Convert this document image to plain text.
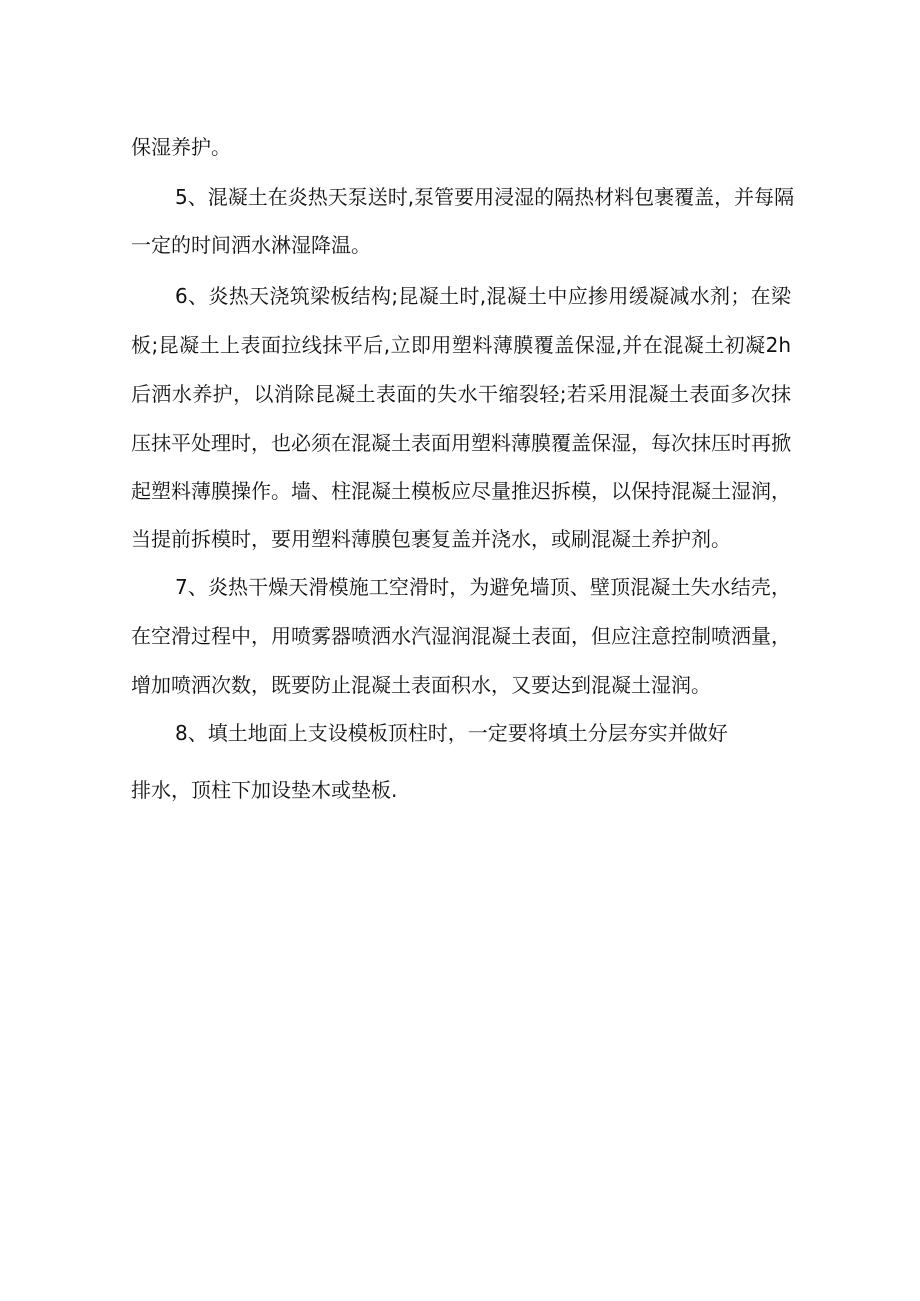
保湿养护。
5、混凝土在炎热天泵送时,泵管要用浸湿的隔热材料包裹覆盖，并每隔
一定的时间洒水淋湿降温。
6、炎热天浇筑梁板结构;昆凝土时,混凝土中应掺用缓凝减水剂；在梁
板;昆凝土上表面拉线抹平后,立即用塑料薄膜覆盖保湿,并在混凝土初凝2h
后洒水养护，以消除昆凝土表面的失水干缩裂轻;若采用混凝土表面多次抹
压抹平处理时，也必须在混凝土表面用塑料薄膜覆盖保湿，每次抹压时再掀
起塑料薄膜操作。墙、柱混凝土模板应尽量推迟拆模，以保持混凝土湿润，
当提前拆模时，要用塑料薄膜包裹复盖并浇水，或刷混凝土养护剂。
7、炎热干燥天滑模施工空滑时，为避免墙顶、壁顶混凝土失水结壳，
在空滑过程中，用喷雾器喷洒水汽湿润混凝土表面，但应注意控制喷洒量，
增加喷洒次数，既要防止混凝土表面积水，又要达到混凝土湿润。
8、填土地面上支设模板顶柱时，一定要将填土分层夯实并做好
排水，顶柱下加设垫木或垫板.
